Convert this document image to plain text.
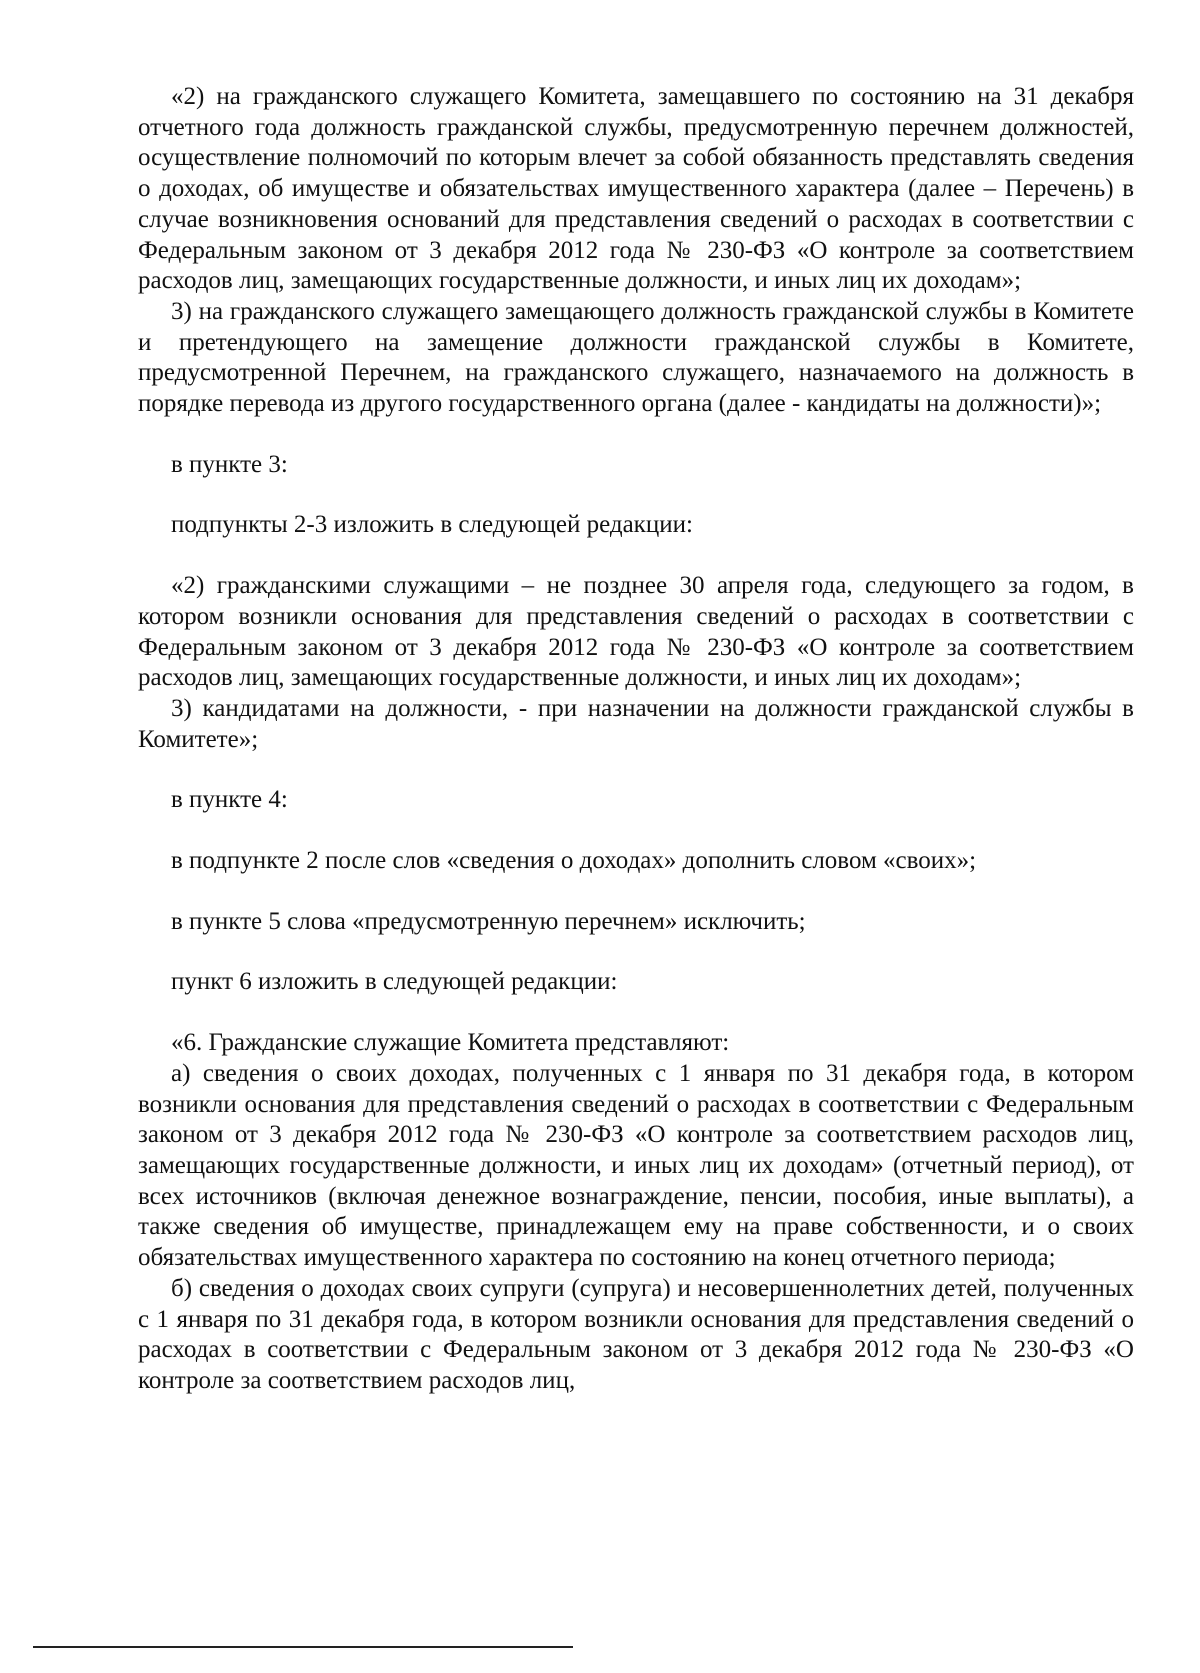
«2) на гражданского служащего Комитета, замещавшего по состоянию на 31 декабря отчетного года должность гражданской службы, предусмотренную перечнем должностей, осуществление полномочий по которым влечет за собой обязанность представлять сведения о доходах, об имуществе и обязательствах имущественного характера (далее – Перечень) в случае возникновения оснований для представления сведений о расходах в соответствии с Федеральным законом от 3 декабря 2012 года № 230-ФЗ «О контроле за соответствием расходов лиц, замещающих государственные должности, и иных лиц их доходам»;

3) на гражданского служащего замещающего должность гражданской службы в Комитете и претендующего на замещение должности гражданской службы в Комитете, предусмотренной Перечнем, на гражданского служащего, назначаемого на должность в порядке перевода из другого государственного органа (далее - кандидаты на должности)»;

в пункте 3:

подпункты 2-3 изложить в следующей редакции:

«2) гражданскими служащими – не позднее 30 апреля года, следующего за годом, в котором возникли основания для представления сведений о расходах в соответствии с Федеральным законом от 3 декабря 2012 года № 230-ФЗ «О контроле за соответствием расходов лиц, замещающих государственные должности, и иных лиц их доходам»;

3) кандидатами на должности, - при назначении на должности гражданской службы в Комитете»;

в пункте 4:

в подпункте 2 после слов «сведения о доходах» дополнить словом «своих»;

в пункте 5 слова «предусмотренную перечнем» исключить;

пункт 6 изложить в следующей редакции:

«6. Гражданские служащие Комитета представляют:

а) сведения о своих доходах, полученных с 1 января по 31 декабря года, в котором возникли основания для представления сведений о расходах в соответствии с Федеральным законом от 3 декабря 2012 года № 230-ФЗ «О контроле за соответствием расходов лиц, замещающих государственные должности, и иных лиц их доходам» (отчетный период), от всех источников (включая денежное вознаграждение, пенсии, пособия, иные выплаты), а также сведения об имуществе, принадлежащем ему на праве собственности, и о своих обязательствах имущественного характера по состоянию на конец отчетного периода;

б) сведения о доходах своих супруги (супруга) и несовершеннолетних детей, полученных с 1 января по 31 декабря года, в котором возникли основания для представления сведений о расходах в соответствии с Федеральным законом от 3 декабря 2012 года № 230-ФЗ «О контроле за соответствием расходов лиц,
